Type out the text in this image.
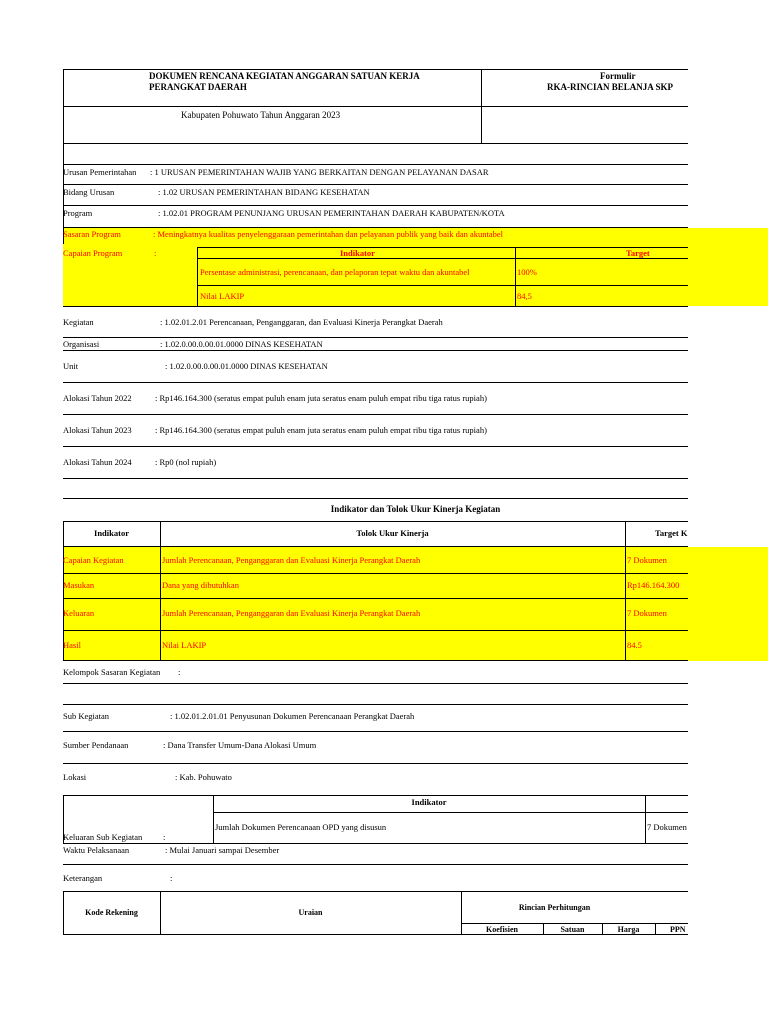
DOKUMEN RENCANA KEGIATAN ANGGARAN SATUAN KERJA
PERANGKAT DAERAH
Formulir
RKA-RINCIAN BELANJA SKP
Kabupaten Pohuwato Tahun Anggaran 2023
Urusan Pemerintahan : 1 URUSAN PEMERINTAHAN WAJIB YANG BERKAITAN DENGAN PELAYANAN DASAR
Bidang Urusan	: 1.02 URUSAN PEMERINTAHAN BIDANG KESEHATAN
Program	: 1.02.01 PROGRAM PENUNJANG URUSAN PEMERINTAHAN DAERAH KABUPATEN/KOTA
Sasaran Program	: Meningkatnya kualitas penyelenggaraan pemerintahan dan pelayanan publik yang baik dan akuntabel
Capaian Program	:	Indikator	Target
Persentase administrasi, perencanaan, dan pelaporan tepat waktu dan akuntabel	100%
Nilai LAKIP	84,5
Kegiatan	: 1.02.01.2.01 Perencanaan, Penganggaran, dan Evaluasi Kinerja Perangkat Daerah
Organisasi	: 1.02.0.00.0.00.01.0000 DINAS KESEHATAN
Unit	: 1.02.0.00.0.00.01.0000 DINAS KESEHATAN
Alokasi Tahun 2022	: Rp146.164.300 (seratus empat puluh enam juta seratus enam puluh empat ribu tiga ratus rupiah)
Alokasi Tahun 2023	: Rp146.164.300 (seratus empat puluh enam juta seratus enam puluh empat ribu tiga ratus rupiah)
Alokasi Tahun 2024	: Rp0 (nol rupiah)
Indikator dan Tolok Ukur Kinerja Kegiatan
Indikator	Tolok Ukur Kinerja	Target K
Capaian Kegiatan	Jumlah Perencanaan, Penganggaran dan Evaluasi Kinerja Perangkat Daerah	7 Dokumen
Masukan	Dana yang dibutuhkan	Rp146.164.300
Keluaran	Jumlah Perencanaan, Penganggaran dan Evaluasi Kinerja Perangkat Daerah	7 Dokumen
Hasil	Nilai LAKIP	84.5
Kelompok Sasaran Kegiatan :
Sub Kegiatan	: 1.02.01.2.01.01 Penyusunan Dokumen Perencanaan Perangkat Daerah
Sumber Pendanaan	: Dana Transfer Umum-Dana Alokasi Umum
Lokasi	: Kab. Pohuwato
Indikator
Jumlah Dokumen Perencanaan OPD yang disusun	7 Dokumen
Keluaran Sub Kegiatan :
Waktu Pelaksanaan	: Mulai Januari sampai Desember
Keterangan	:
Kode Rekening	Uraian
Rincian Perhitungan
Koefisien	Satuan	Harga	PPN
